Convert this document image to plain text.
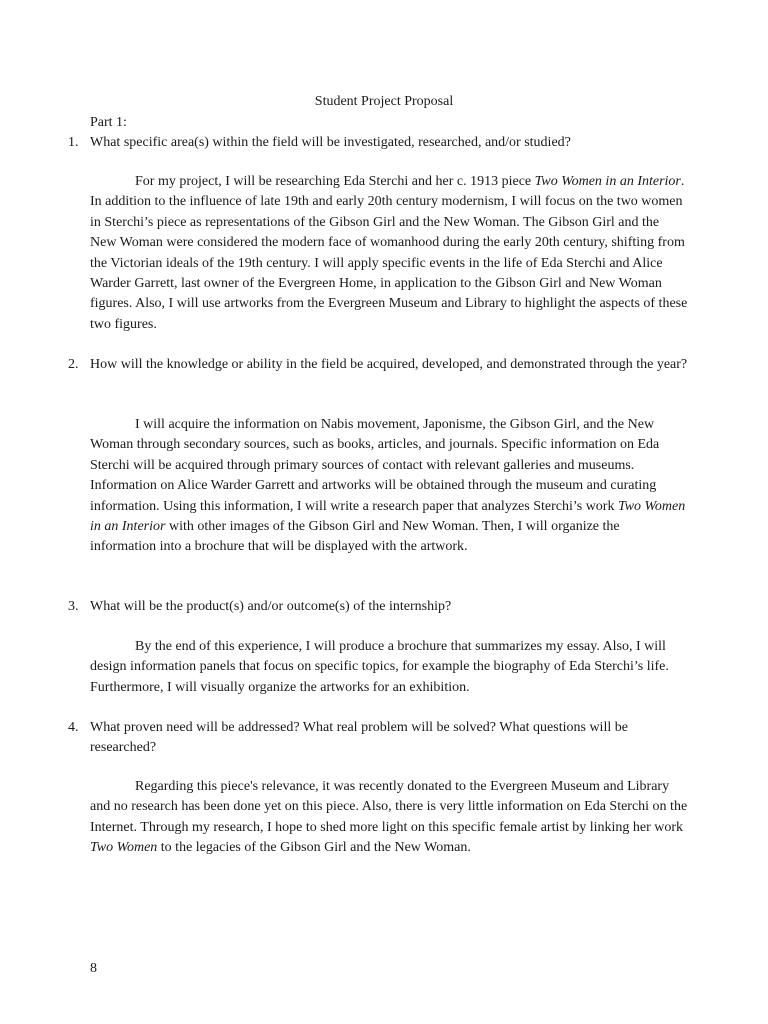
Student Project Proposal
Part 1:
1. What specific area(s) within the field will be investigated, researched, and/or studied?
For my project, I will be researching Eda Sterchi and her c. 1913 piece Two Women in an Interior. In addition to the influence of late 19th and early 20th century modernism, I will focus on the two women in Sterchi’s piece as representations of the Gibson Girl and the New Woman. The Gibson Girl and the New Woman were considered the modern face of womanhood during the early 20th century, shifting from the Victorian ideals of the 19th century. I will apply specific events in the life of Eda Sterchi and Alice Warder Garrett, last owner of the Evergreen Home, in application to the Gibson Girl and New Woman figures. Also, I will use artworks from the Evergreen Museum and Library to highlight the aspects of these two figures.
2. How will the knowledge or ability in the field be acquired, developed, and demonstrated through the year?
I will acquire the information on Nabis movement, Japonisme, the Gibson Girl, and the New Woman through secondary sources, such as books, articles, and journals. Specific information on Eda Sterchi will be acquired through primary sources of contact with relevant galleries and museums. Information on Alice Warder Garrett and artworks will be obtained through the museum and curating information. Using this information, I will write a research paper that analyzes Sterchi’s work Two Women in an Interior with other images of the Gibson Girl and New Woman. Then, I will organize the information into a brochure that will be displayed with the artwork.
3. What will be the product(s) and/or outcome(s) of the internship?
By the end of this experience, I will produce a brochure that summarizes my essay. Also, I will design information panels that focus on specific topics, for example the biography of Eda Sterchi’s life. Furthermore, I will visually organize the artworks for an exhibition.
4. What proven need will be addressed? What real problem will be solved? What questions will be researched?
Regarding this piece's relevance, it was recently donated to the Evergreen Museum and Library and no research has been done yet on this piece. Also, there is very little information on Eda Sterchi on the Internet. Through my research, I hope to shed more light on this specific female artist by linking her work Two Women to the legacies of the Gibson Girl and the New Woman.
8
